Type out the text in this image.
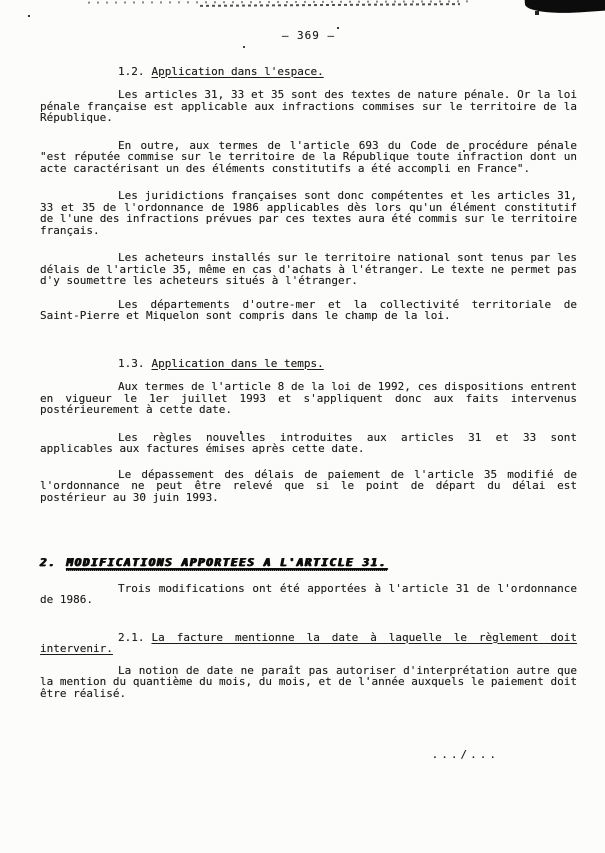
— 369 —
1.2. Application dans l'espace.
Les articles 31, 33 et 35 sont des textes de nature pénale. Or la loi pénale française est applicable aux infractions commises sur le territoire de la République.
En outre, aux termes de l'article 693 du Code de procédure pénale "est réputée commise sur le territoire de la République toute infraction dont un acte caractérisant un des éléments constitutifs a été accompli en France".
Les juridictions françaises sont donc compétentes et les articles 31, 33 et 35 de l'ordonnance de 1986 applicables dès lors qu'un élément constitutif de l'une des infractions prévues par ces textes aura été commis sur le territoire français.
Les acheteurs installés sur le territoire national sont tenus par les délais de l'article 35, même en cas d'achats à l'étranger. Le texte ne permet pas d'y soumettre les acheteurs situés à l'étranger.
Les départements d'outre-mer et la collectivité territoriale de Saint-Pierre et Miquelon sont compris dans le champ de la loi.
1.3. Application dans le temps.
Aux termes de l'article 8 de la loi de 1992, ces dispositions entrent en vigueur le 1er juillet 1993 et s'appliquent donc aux faits intervenus postérieurement à cette date.
Les règles nouvelles introduites aux articles 31 et 33 sont applicables aux factures émises après cette date.
Le dépassement des délais de paiement de l'article 35 modifié de l'ordonnance ne peut être relevé que si le point de départ du délai est postérieur au 30 juin 1993.
2. MODIFICATIONS APPORTEES A L'ARTICLE 31.
Trois modifications ont été apportées à l'article 31 de l'ordonnance de 1986.
2.1. La facture mentionne la date à laquelle le règlement doit intervenir.
La notion de date ne paraît pas autoriser d'interprétation autre que la mention du quantième du mois, du mois, et de l'année auxquels le paiement doit être réalisé.
.../...
